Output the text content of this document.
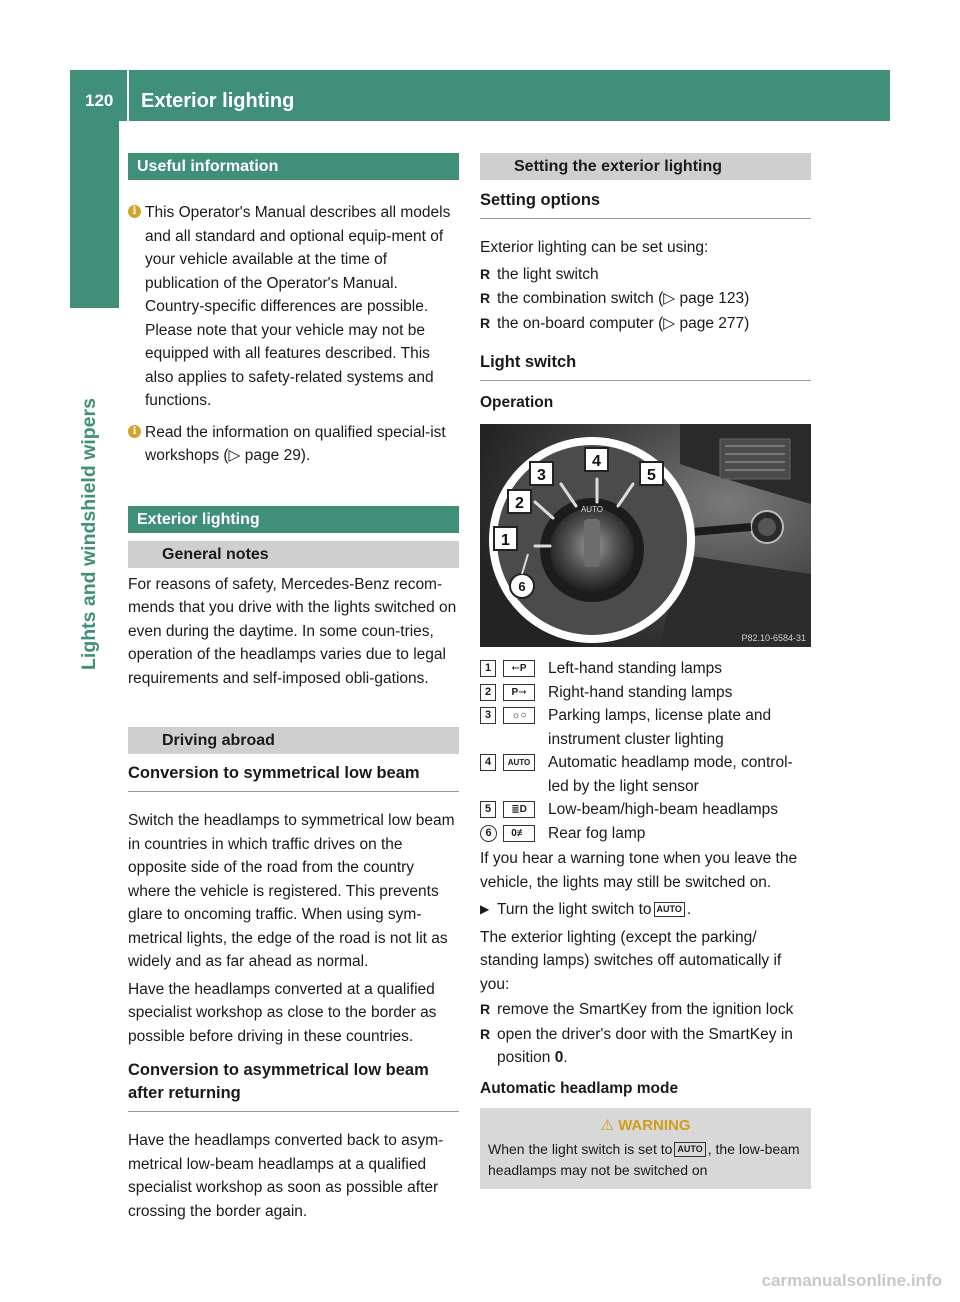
120 Exterior lighting
Lights and windshield wipers
Useful information
i This Operator's Manual describes all models and all standard and optional equip-ment of your vehicle available at the time of publication of the Operator's Manual. Country-specific differences are possible. Please note that your vehicle may not be equipped with all features described. This also applies to safety-related systems and functions.

i Read the information on qualified special-ist workshops (▷ page 29).

Exterior lighting
General notes

For reasons of safety, Mercedes-Benz recom-mends that you drive with the lights switched on even during the daytime. In some coun-tries, operation of the headlamps varies due to legal requirements and self-imposed obli-gations.

Driving abroad
Conversion to symmetrical low beam

Switch the headlamps to symmetrical low beam in countries in which traffic drives on the opposite side of the road from the country where the vehicle is registered. This prevents glare to oncoming traffic. When using sym-metrical lights, the edge of the road is not lit as widely and as far ahead as normal.

Have the headlamps converted at a qualified specialist workshop as close to the border as possible before driving in these countries.

Conversion to asymmetrical low beam after returning

Have the headlamps converted back to asym-metrical low-beam headlamps at a qualified specialist workshop as soon as possible after crossing the border again.

Setting the exterior lighting
Setting options

Exterior lighting can be set using:

R the light switch
R the combination switch (▷ page 123)
R the on-board computer (▷ page 277)
Light switch
Operation
AUTO
1
2
3
4
5
6
P82.10-6584-31
1	⇽P	Left-hand standing lamps
2	P⇾	Right-hand standing lamps
3	☼○	Parking lamps, license plate and instrument cluster lighting
4	AUTO	Automatic headlamp mode, control-led by the light sensor
5	≣D	Low-beam/high-beam headlamps
6	0≢	Rear fog lamp

If you hear a warning tone when you leave the vehicle, the lights may still be switched on.

▶ Turn the light switch to AUTO .

The exterior lighting (except the parking/ standing lamps) switches off automatically if you:

R remove the SmartKey from the ignition lock
R open the driver's door with the SmartKey in position 0.
Automatic headlamp mode
⚠ WARNING
When the light switch is set to AUTO , the low-beam headlamps may not be switched on
carmanualsonline.info
